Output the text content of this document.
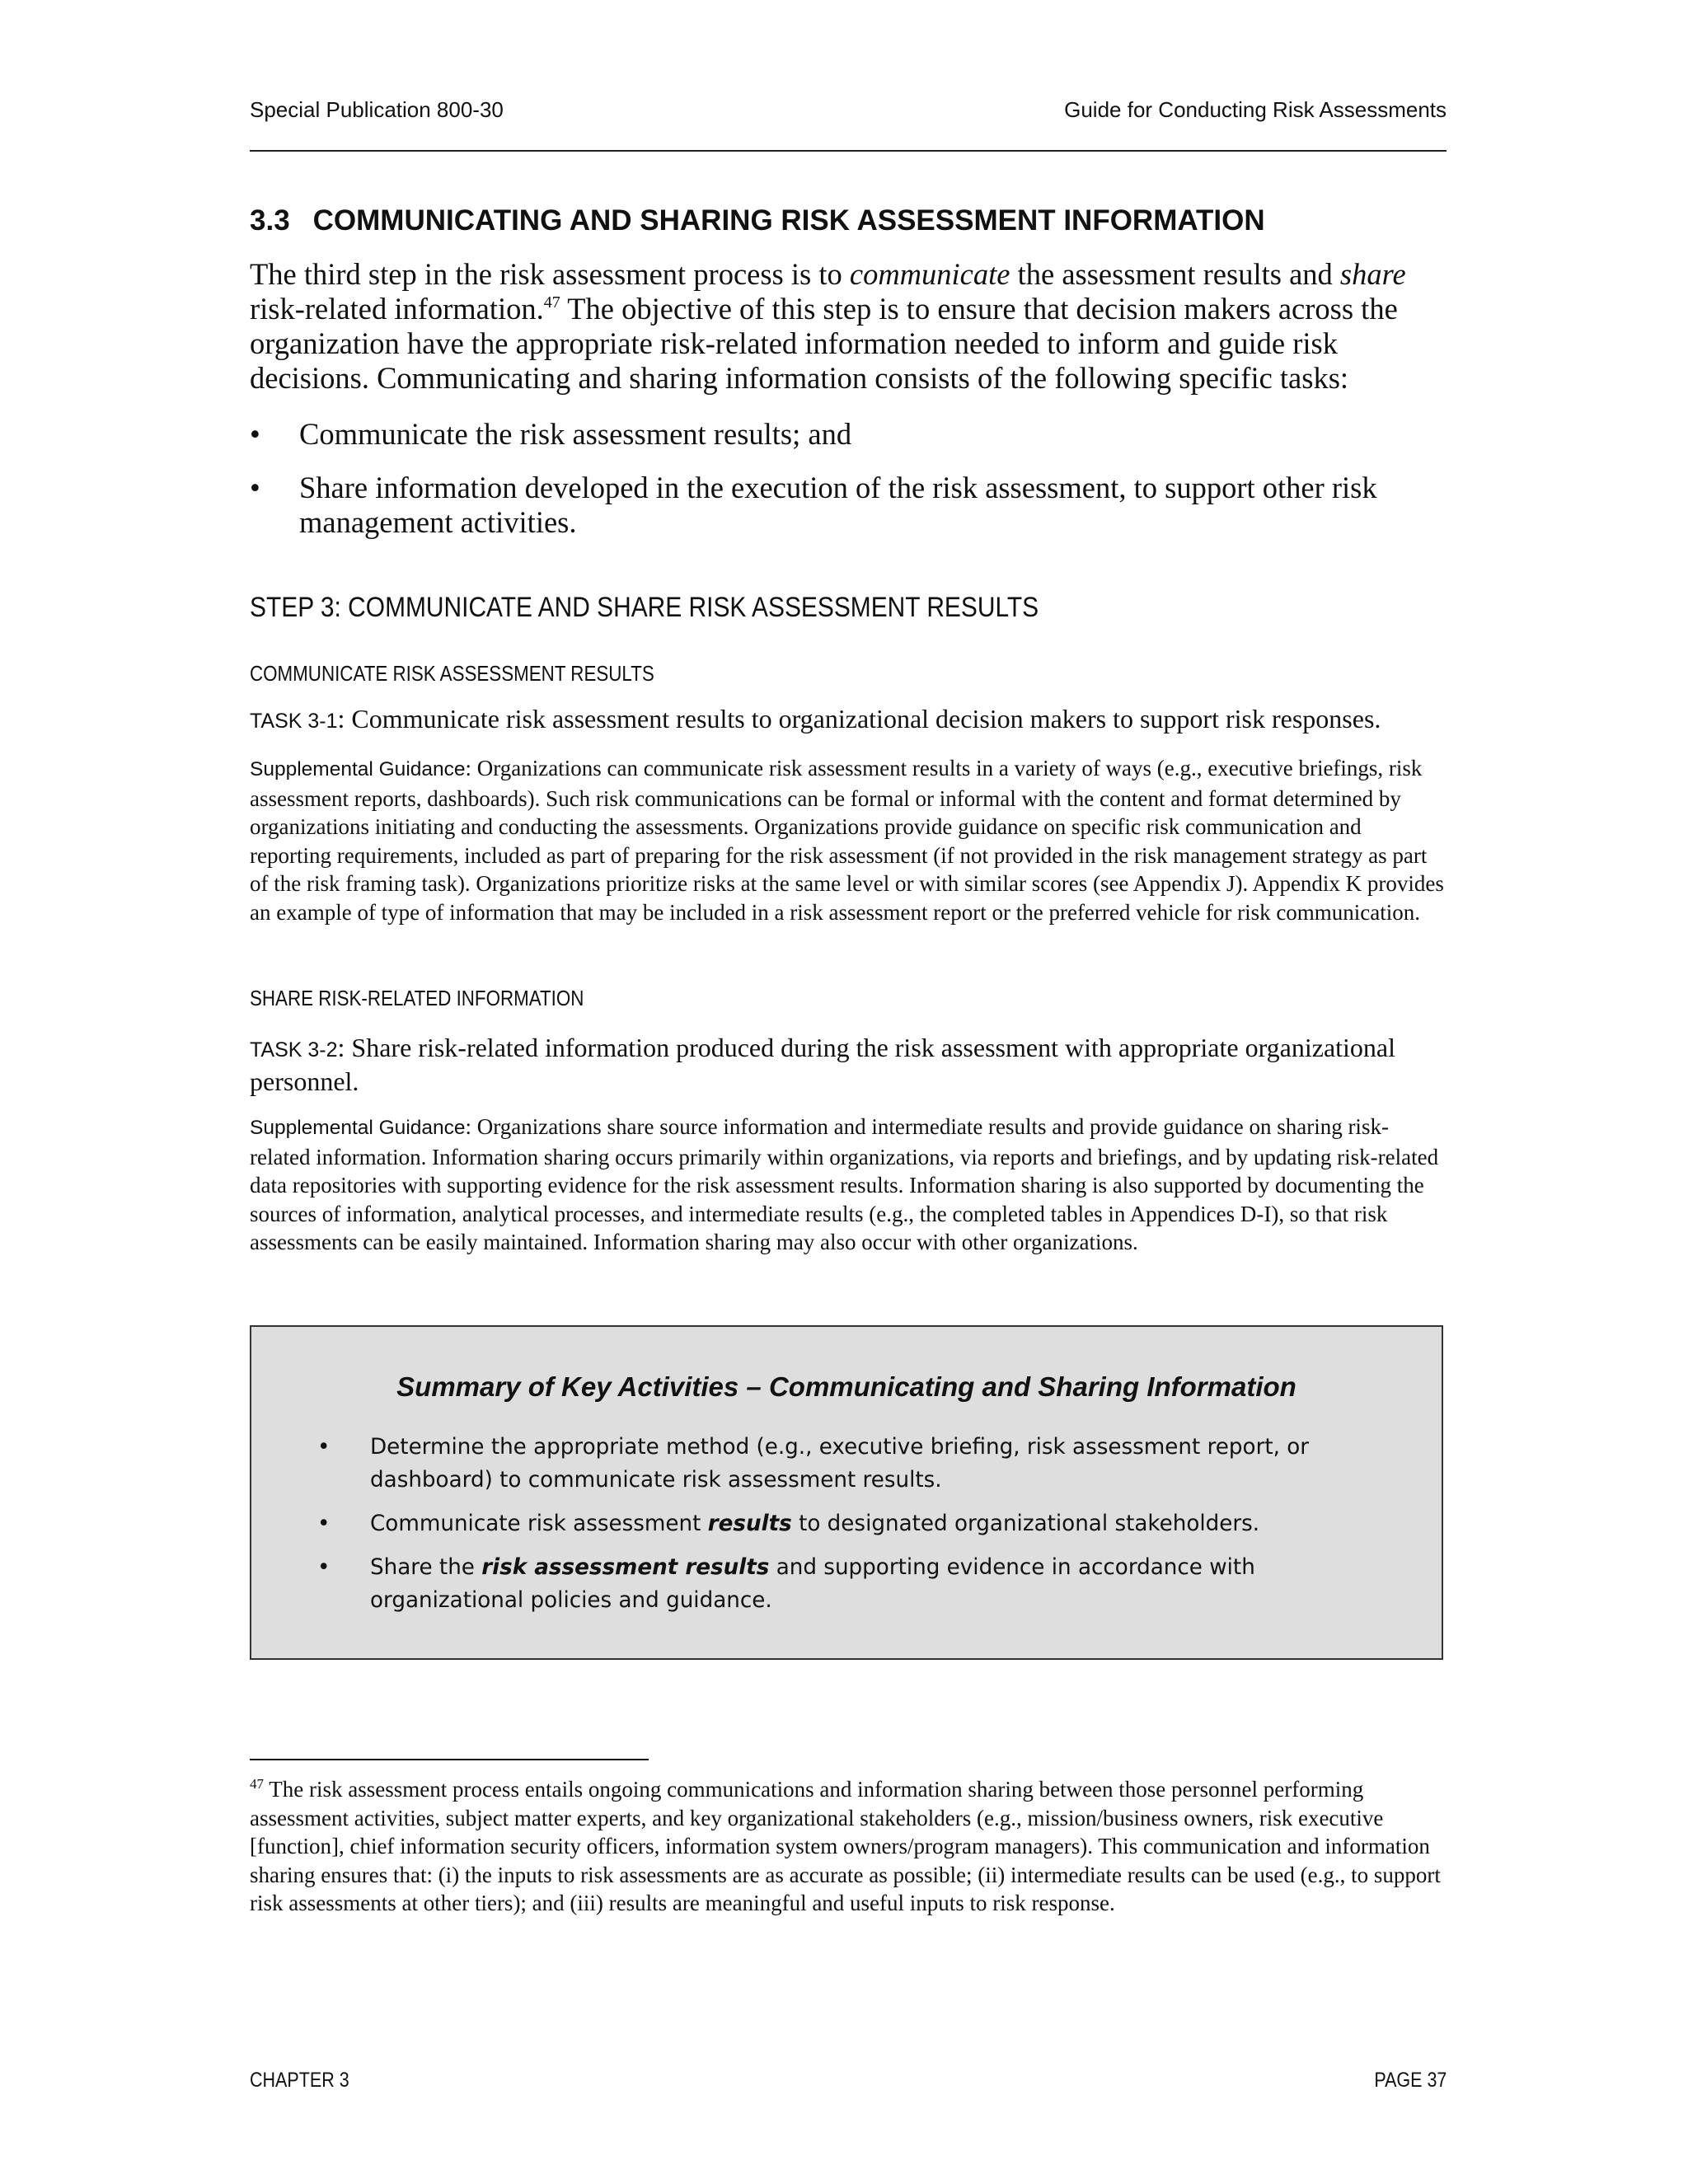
Special Publication 800-30	Guide for Conducting Risk Assessments
3.3 COMMUNICATING AND SHARING RISK ASSESSMENT INFORMATION
The third step in the risk assessment process is to communicate the assessment results and share risk-related information.$^{47}$ The objective of this step is to ensure that decision makers across the organization have the appropriate risk-related information needed to inform and guide risk decisions. Communicating and sharing information consists of the following specific tasks:
• Communicate the risk assessment results; and
• Share information developed in the execution of the risk assessment, to support other risk management activities.
STEP 3: COMMUNICATE AND SHARE RISK ASSESSMENT RESULTS
COMMUNICATE RISK ASSESSMENT RESULTS
TASK 3-1: Communicate risk assessment results to organizational decision makers to support risk responses.
Supplemental Guidance: Organizations can communicate risk assessment results in a variety of ways (e.g., executive briefings, risk assessment reports, dashboards). Such risk communications can be formal or informal with the content and format determined by organizations initiating and conducting the assessments. Organizations provide guidance on specific risk communication and reporting requirements, included as part of preparing for the risk assessment (if not provided in the risk management strategy as part of the risk framing task). Organizations prioritize risks at the same level or with similar scores (see Appendix J). Appendix K provides an example of type of information that may be included in a risk assessment report or the preferred vehicle for risk communication.
SHARE RISK-RELATED INFORMATION
TASK 3-2: Share risk-related information produced during the risk assessment with appropriate organizational personnel.
Supplemental Guidance: Organizations share source information and intermediate results and provide guidance on sharing risk-related information. Information sharing occurs primarily within organizations, via reports and briefings, and by updating risk-related data repositories with supporting evidence for the risk assessment results. Information sharing is also supported by documenting the sources of information, analytical processes, and intermediate results (e.g., the completed tables in Appendices D-I), so that risk assessments can be easily maintained. Information sharing may also occur with other organizations.
Summary of Key Activities – Communicating and Sharing Information
• Determine the appropriate method (e.g., executive briefing, risk assessment report, or dashboard) to communicate risk assessment results.
• Communicate risk assessment results to designated organizational stakeholders.
• Share the risk assessment results and supporting evidence in accordance with organizational policies and guidance.
$^{47}$ The risk assessment process entails ongoing communications and information sharing between those personnel performing assessment activities, subject matter experts, and key organizational stakeholders (e.g., mission/business owners, risk executive [function], chief information security officers, information system owners/program managers). This communication and information sharing ensures that: (i) the inputs to risk assessments are as accurate as possible; (ii) intermediate results can be used (e.g., to support risk assessments at other tiers); and (iii) results are meaningful and useful inputs to risk response.
CHAPTER 3	PAGE 37
